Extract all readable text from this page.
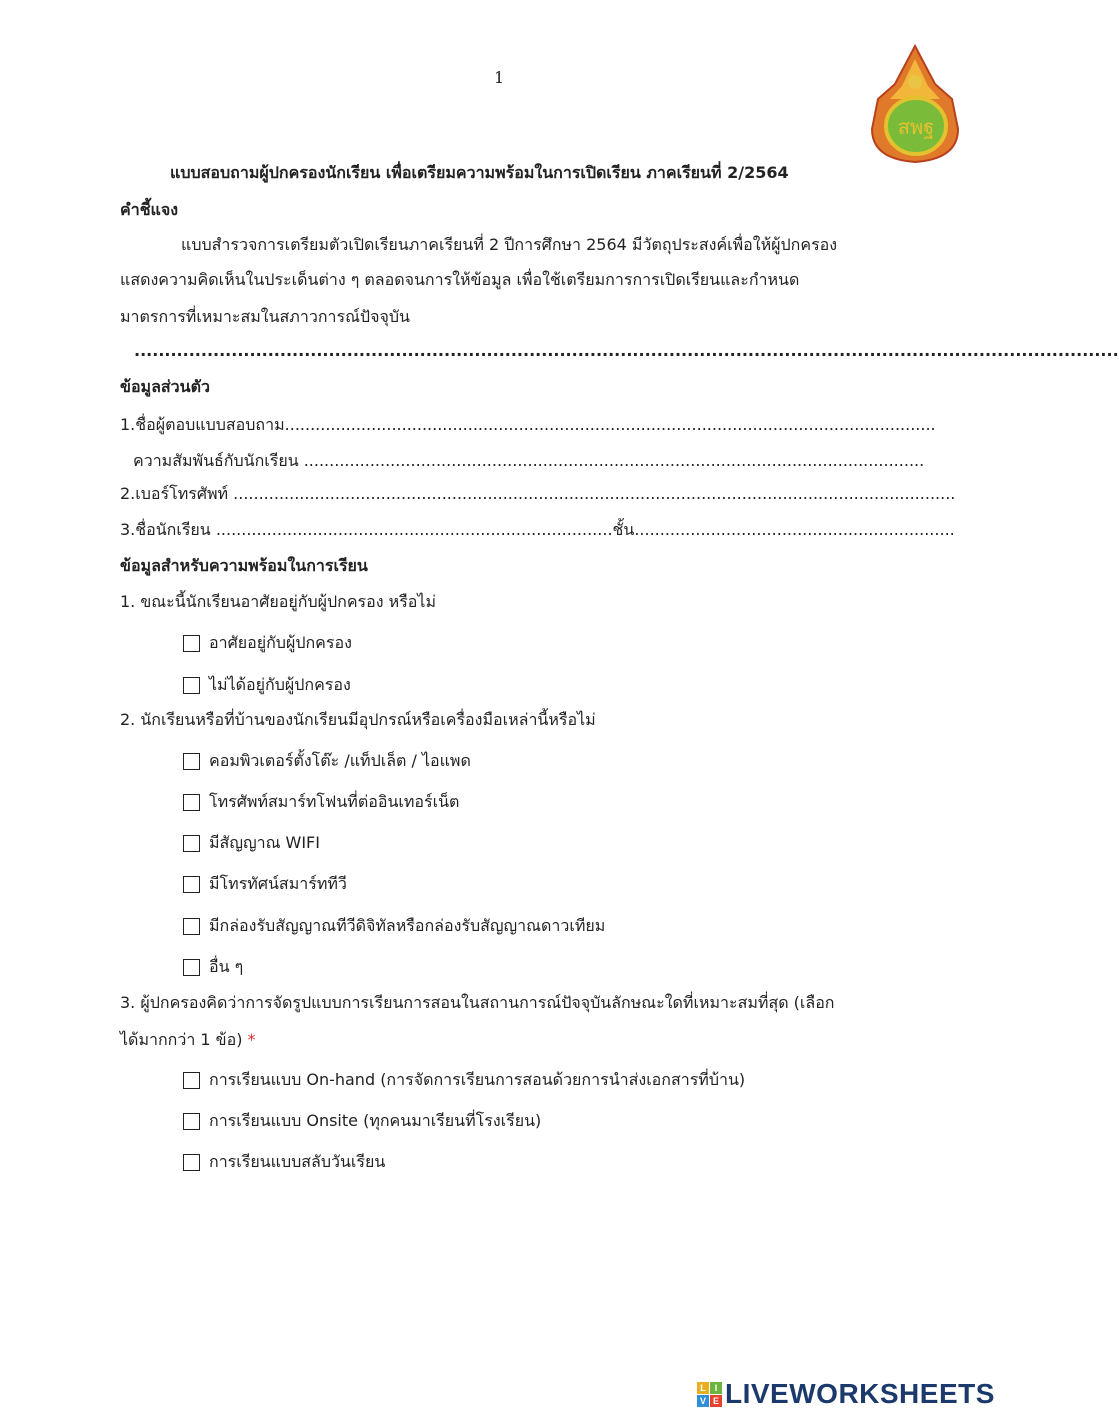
1
สพฐ
แบบสอบถามผู้ปกครองนักเรียน เพื่อเตรียมความพร้อมในการเปิดเรียน ภาคเรียนที่ 2/2564
คำชี้แจง
แบบสำรวจการเตรียมตัวเปิดเรียนภาคเรียนที่ 2 ปีการศึกษา 2564 มีวัตถุประสงค์เพื่อให้ผู้ปกครอง
แสดงความคิดเห็นในประเด็นต่าง ๆ ตลอดจนการให้ข้อมูล เพื่อใช้เตรียมการการเปิดเรียนและกำหนด
มาตรการที่เหมาะสมในสภาวการณ์ปัจจุบัน
..................................................................................................................................................................
ข้อมูลส่วนตัว
1.ชื่อผู้ตอบแบบสอบถาม................................................................................................................................
ความสัมพันธ์กับนักเรียน ..........................................................................................................................
2.เบอร์โทรศัพท์ ..............................................................................................................................................
3.ชื่อนักเรียน ..............................................................................ชั้น...............................................................
ข้อมูลสำหรับความพร้อมในการเรียน
1. ขณะนี้นักเรียนอาศัยอยู่กับผู้ปกครอง หรือไม่
อาศัยอยู่กับผู้ปกครอง
ไม่ได้อยู่กับผู้ปกครอง
2. นักเรียนหรือที่บ้านของนักเรียนมีอุปกรณ์หรือเครื่องมือเหล่านี้หรือไม่
คอมพิวเตอร์ตั้งโต๊ะ /แท็ปเล็ต / ไอแพด
โทรศัพท์สมาร์ทโฟนที่ต่ออินเทอร์เน็ต
มีสัญญาณ WIFI
มีโทรทัศน์สมาร์ททีวี
มีกล่องรับสัญญาณทีวีดิจิทัลหรือกล่องรับสัญญาณดาวเทียม
อื่น ๆ
3. ผู้ปกครองคิดว่าการจัดรูปแบบการเรียนการสอนในสถานการณ์ปัจจุบันลักษณะใดที่เหมาะสมที่สุด (เลือก
ได้มากกว่า 1 ข้อ) *
การเรียนแบบ On-hand (การจัดการเรียนการสอนด้วยการนำส่งเอกสารที่บ้าน)
การเรียนแบบ Onsite (ทุกคนมาเรียนที่โรงเรียน)
การเรียนแบบสลับวันเรียน
L I
V E LIVEWORKSHEETS
